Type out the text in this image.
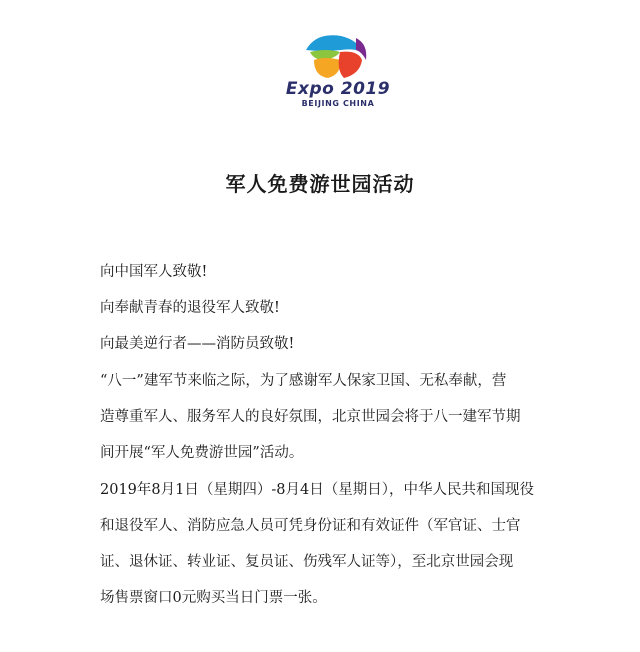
Expo 2019
BEIJING CHINA
军人免费游世园活动
向中国军人致敬!
向奉献青春的退役军人致敬!
向最美逆行者——消防员致敬!
“八一”建军节来临之际，为了感谢军人保家卫国、无私奉献，营
造尊重军人、服务军人的良好氛围，北京世园会将于八一建军节期
间开展“军人免费游世园”活动。
2019年8月1日（星期四）-8月4日（星期日），中华人民共和国现役
和退役军人、消防应急人员可凭身份证和有效证件（军官证、士官
证、退休证、转业证、复员证、伤残军人证等），至北京世园会现
场售票窗口0元购买当日门票一张。
